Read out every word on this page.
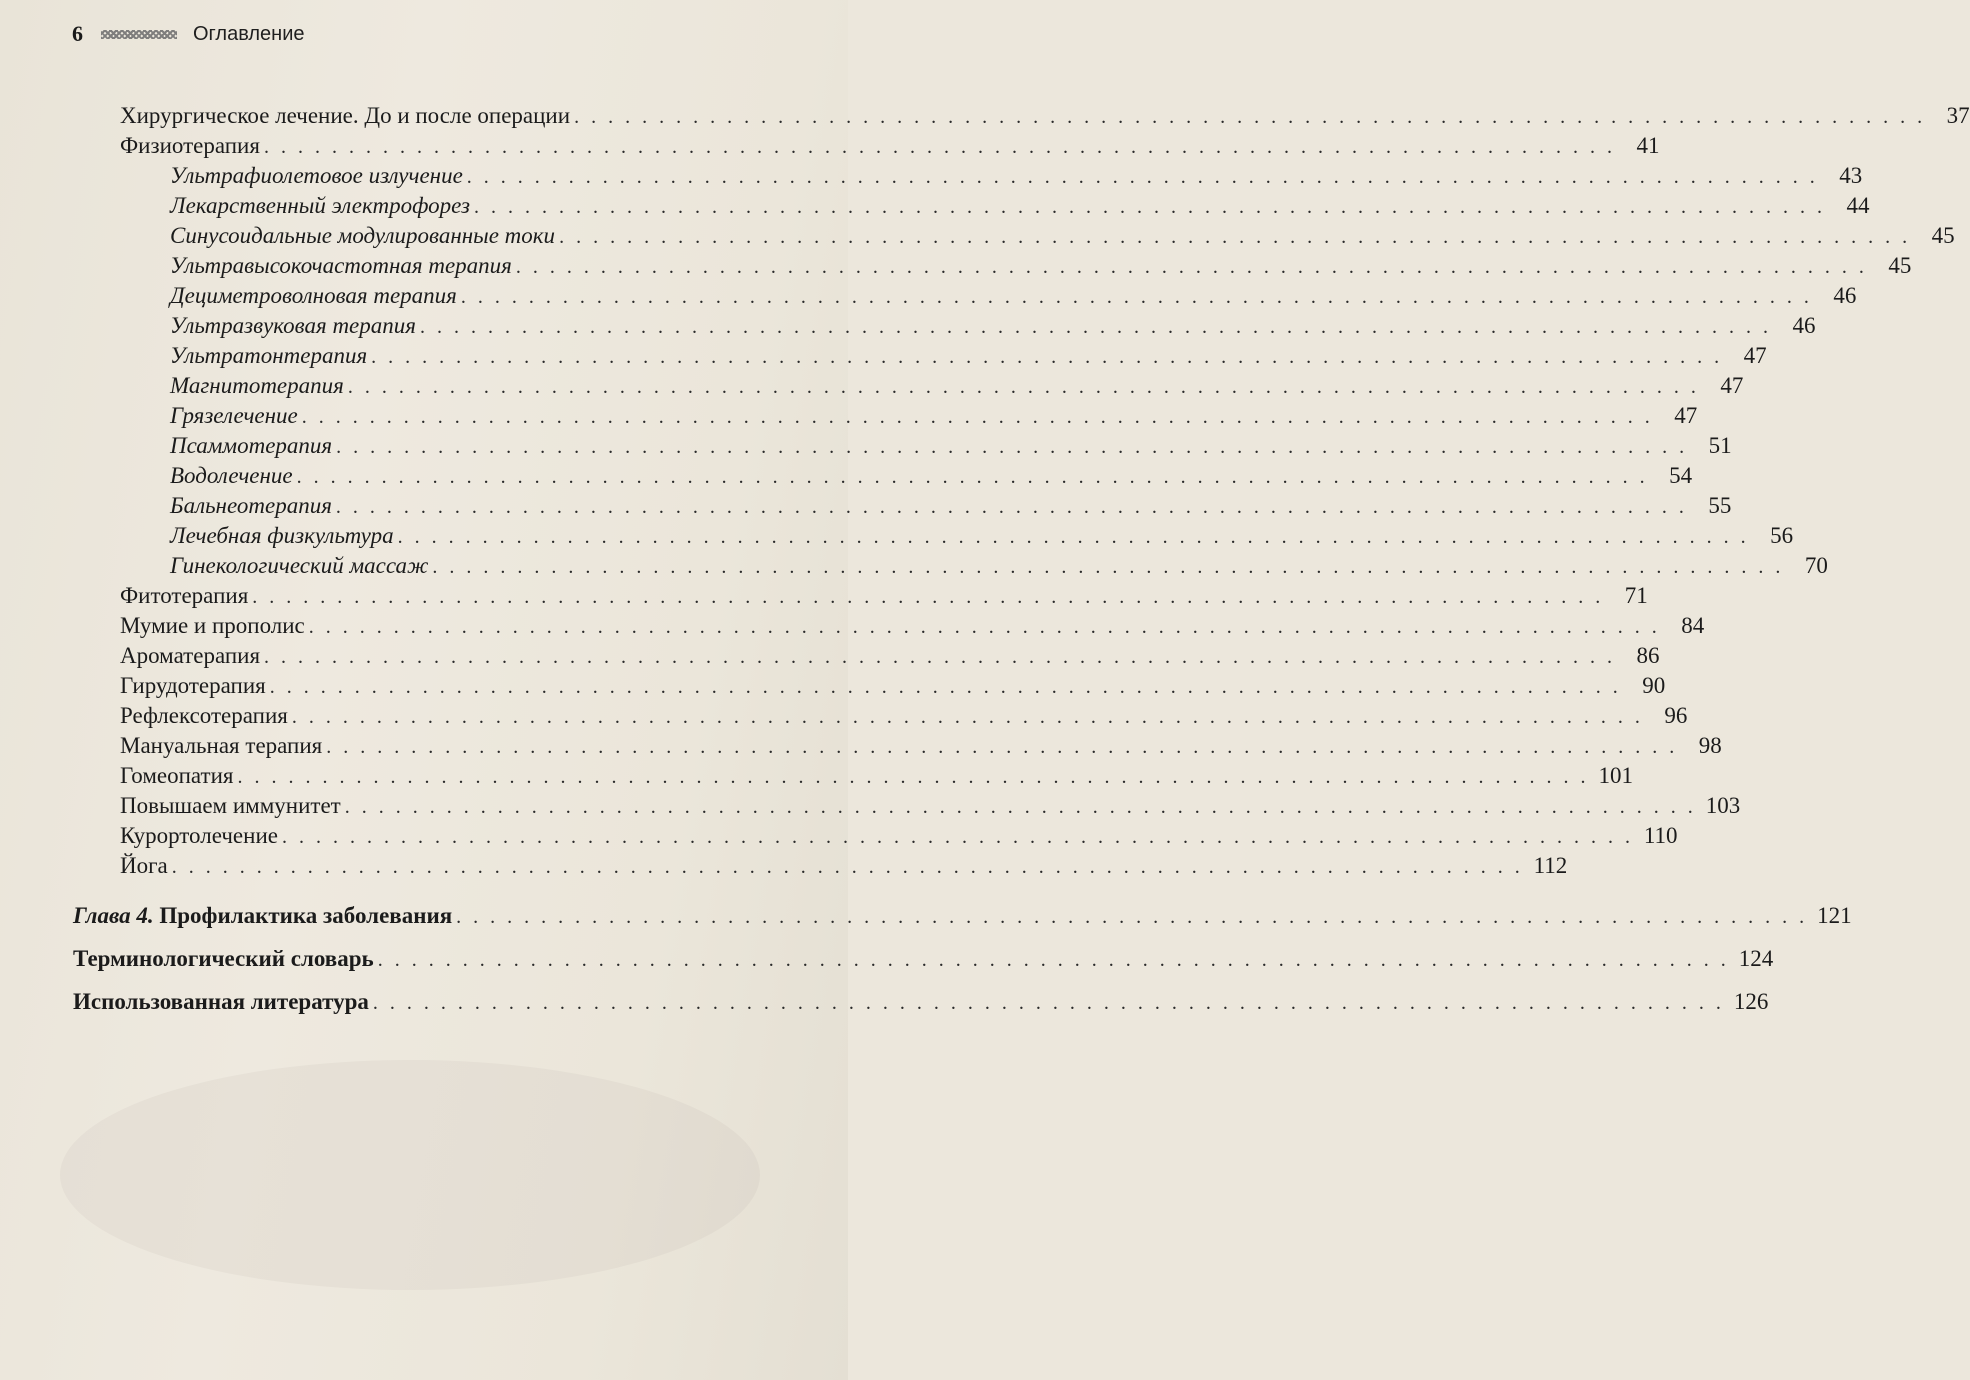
6	Оглавление
Хирургическое лечение. До и после операции . . . . . . . . . . . . . . . . . . . . . . . . . . . . . . . . . . . . . . . . . . . . . . . . . . . . . . . . . . . . . . . . . . . . . . . . . . . . . . . . 37
Физиотерапия . . . . . . . . . . . . . . . . . . . . . . . . . . . . . . . . . . . . . . . . . . . . . . . . . . . . . . . . . . . . . . . . . . . . . . . . . . . . . . . . 41
Ультрафиолетовое излучение . . . . . . . . . . . . . . . . . . . . . . . . . . . . . . . . . . . . . . . . . . . . . . . . . . . . . . . . . . . . . . . . . . . . . . . . . . . . . . . . 43
Лекарственный электрофорез . . . . . . . . . . . . . . . . . . . . . . . . . . . . . . . . . . . . . . . . . . . . . . . . . . . . . . . . . . . . . . . . . . . . . . . . . . . . . . . . 44
Синусоидальные модулированные токи . . . . . . . . . . . . . . . . . . . . . . . . . . . . . . . . . . . . . . . . . . . . . . . . . . . . . . . . . . . . . . . . . . . . . . . . . . . . . . . . 45
Ультравысокочастотная терапия . . . . . . . . . . . . . . . . . . . . . . . . . . . . . . . . . . . . . . . . . . . . . . . . . . . . . . . . . . . . . . . . . . . . . . . . . . . . . . . . 45
Дециметроволновая терапия . . . . . . . . . . . . . . . . . . . . . . . . . . . . . . . . . . . . . . . . . . . . . . . . . . . . . . . . . . . . . . . . . . . . . . . . . . . . . . . . 46
Ультразвуковая терапия . . . . . . . . . . . . . . . . . . . . . . . . . . . . . . . . . . . . . . . . . . . . . . . . . . . . . . . . . . . . . . . . . . . . . . . . . . . . . . . . 46
Ультратонтерапия . . . . . . . . . . . . . . . . . . . . . . . . . . . . . . . . . . . . . . . . . . . . . . . . . . . . . . . . . . . . . . . . . . . . . . . . . . . . . . . . 47
Магнитотерапия . . . . . . . . . . . . . . . . . . . . . . . . . . . . . . . . . . . . . . . . . . . . . . . . . . . . . . . . . . . . . . . . . . . . . . . . . . . . . . . . 47
Грязелечение . . . . . . . . . . . . . . . . . . . . . . . . . . . . . . . . . . . . . . . . . . . . . . . . . . . . . . . . . . . . . . . . . . . . . . . . . . . . . . . . 47
Псаммотерапия . . . . . . . . . . . . . . . . . . . . . . . . . . . . . . . . . . . . . . . . . . . . . . . . . . . . . . . . . . . . . . . . . . . . . . . . . . . . . . . . 51
Водолечение . . . . . . . . . . . . . . . . . . . . . . . . . . . . . . . . . . . . . . . . . . . . . . . . . . . . . . . . . . . . . . . . . . . . . . . . . . . . . . . . 54
Бальнеотерапия . . . . . . . . . . . . . . . . . . . . . . . . . . . . . . . . . . . . . . . . . . . . . . . . . . . . . . . . . . . . . . . . . . . . . . . . . . . . . . . . 55
Лечебная физкультура . . . . . . . . . . . . . . . . . . . . . . . . . . . . . . . . . . . . . . . . . . . . . . . . . . . . . . . . . . . . . . . . . . . . . . . . . . . . . . . . 56
Гинекологический массаж . . . . . . . . . . . . . . . . . . . . . . . . . . . . . . . . . . . . . . . . . . . . . . . . . . . . . . . . . . . . . . . . . . . . . . . . . . . . . . . . 70
Фитотерапия . . . . . . . . . . . . . . . . . . . . . . . . . . . . . . . . . . . . . . . . . . . . . . . . . . . . . . . . . . . . . . . . . . . . . . . . . . . . . . . . 71
Мумие и прополис . . . . . . . . . . . . . . . . . . . . . . . . . . . . . . . . . . . . . . . . . . . . . . . . . . . . . . . . . . . . . . . . . . . . . . . . . . . . . . . . 84
Ароматерапия . . . . . . . . . . . . . . . . . . . . . . . . . . . . . . . . . . . . . . . . . . . . . . . . . . . . . . . . . . . . . . . . . . . . . . . . . . . . . . . . 86
Гирудотерапия . . . . . . . . . . . . . . . . . . . . . . . . . . . . . . . . . . . . . . . . . . . . . . . . . . . . . . . . . . . . . . . . . . . . . . . . . . . . . . . . 90
Рефлексотерапия . . . . . . . . . . . . . . . . . . . . . . . . . . . . . . . . . . . . . . . . . . . . . . . . . . . . . . . . . . . . . . . . . . . . . . . . . . . . . . . . 96
Мануальная терапия . . . . . . . . . . . . . . . . . . . . . . . . . . . . . . . . . . . . . . . . . . . . . . . . . . . . . . . . . . . . . . . . . . . . . . . . . . . . . . . . 98
Гомеопатия . . . . . . . . . . . . . . . . . . . . . . . . . . . . . . . . . . . . . . . . . . . . . . . . . . . . . . . . . . . . . . . . . . . . . . . . . . . . . . . . 101
Повышаем иммунитет . . . . . . . . . . . . . . . . . . . . . . . . . . . . . . . . . . . . . . . . . . . . . . . . . . . . . . . . . . . . . . . . . . . . . . . . . . . . . . . . 103
Курортолечение . . . . . . . . . . . . . . . . . . . . . . . . . . . . . . . . . . . . . . . . . . . . . . . . . . . . . . . . . . . . . . . . . . . . . . . . . . . . . . . . 110
Йога . . . . . . . . . . . . . . . . . . . . . . . . . . . . . . . . . . . . . . . . . . . . . . . . . . . . . . . . . . . . . . . . . . . . . . . . . . . . . . . . 112
Глава 4. Профилактика заболевания . . . . . . . . . . . . . . . . . . . . . . . . . . . . . . . . . . . . . . . . . . . . . . . . . . . . . . . . . . . . . . . . . . . . . . . . . . . . . . . . 121
Терминологический словарь . . . . . . . . . . . . . . . . . . . . . . . . . . . . . . . . . . . . . . . . . . . . . . . . . . . . . . . . . . . . . . . . . . . . . . . . . . . . . . . . 124
Использованная литература . . . . . . . . . . . . . . . . . . . . . . . . . . . . . . . . . . . . . . . . . . . . . . . . . . . . . . . . . . . . . . . . . . . . . . . . . . . . . . . . 126
